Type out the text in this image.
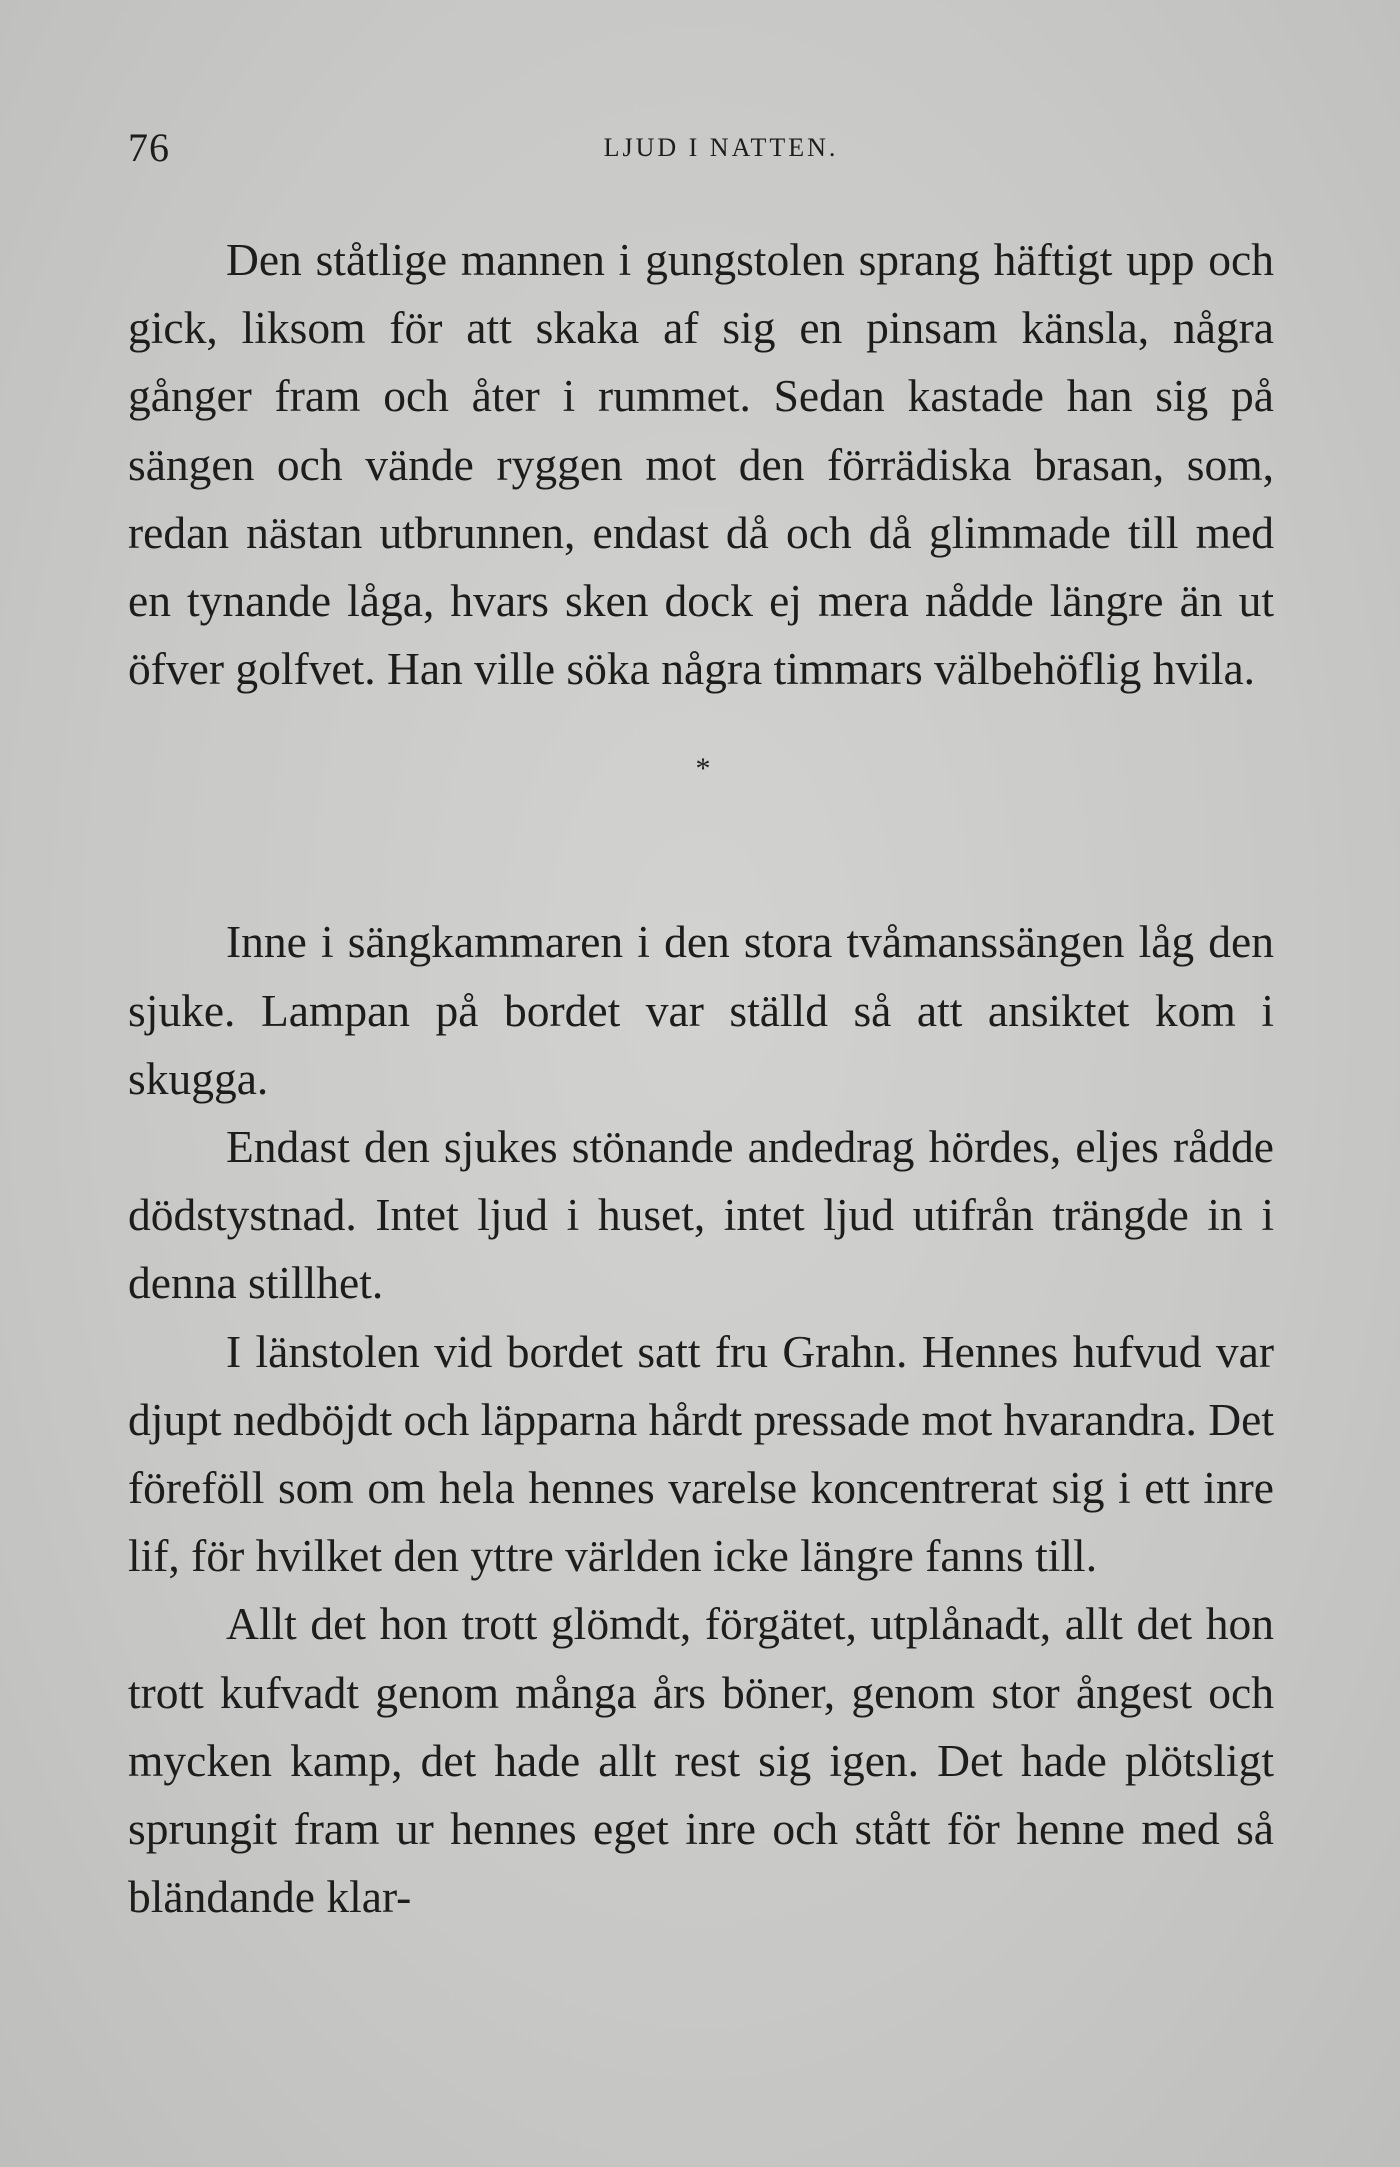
76	LJUD I NATTEN.

Den ståtlige mannen i gungstolen sprang häftigt upp och gick, liksom för att skaka af sig en pinsam känsla, några gånger fram och åter i rummet. Sedan kastade han sig på sängen och vände ryggen mot den förrädiska brasan, som, redan nästan utbrunnen, endast då och då glimmade till med en tynande låga, hvars sken dock ej mera nådde längre än ut öfver golfvet. Han ville söka några timmars välbehöflig hvila.

*

Inne i sängkammaren i den stora tvåmanssängen låg den sjuke. Lampan på bordet var ställd så att ansiktet kom i skugga.

Endast den sjukes stönande andedrag hördes, eljes rådde dödstystnad. Intet ljud i huset, intet ljud utifrån trängde in i denna stillhet.

I länstolen vid bordet satt fru Grahn. Hennes hufvud var djupt nedböjdt och läpparna hårdt pressade mot hvarandra. Det föreföll som om hela hennes varelse koncentrerat sig i ett inre lif, för hvilket den yttre världen icke längre fanns till.

Allt det hon trott glömdt, förgätet, utplånadt, allt det hon trott kufvadt genom många års böner, genom stor ångest och mycken kamp, det hade allt rest sig igen. Det hade plötsligt sprungit fram ur hennes eget inre och stått för henne med så bländande klar-
